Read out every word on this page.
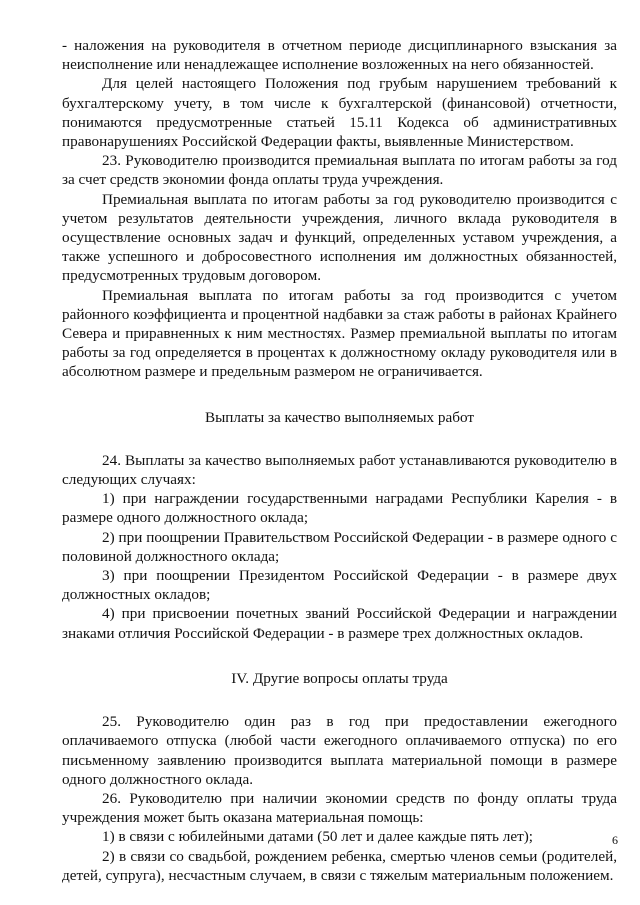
- наложения на руководителя в отчетном периоде дисциплинарного взыскания за неисполнение или ненадлежащее исполнение возложенных на него обязанностей.

Для целей настоящего Положения под грубым нарушением требований к бухгалтерскому учету, в том числе к бухгалтерской (финансовой) отчетности, понимаются предусмотренные статьей 15.11 Кодекса об административных правонарушениях Российской Федерации факты, выявленные Министерством.

23. Руководителю производится премиальная выплата по итогам работы за год за счет средств экономии фонда оплаты труда учреждения.

Премиальная выплата по итогам работы за год руководителю производится с учетом результатов деятельности учреждения, личного вклада руководителя в осуществление основных задач и функций, определенных уставом учреждения, а также успешного и добросовестного исполнения им должностных обязанностей, предусмотренных трудовым договором.

Премиальная выплата по итогам работы за год производится с учетом районного коэффициента и процентной надбавки за стаж работы в районах Крайнего Севера и приравненных к ним местностях. Размер премиальной выплаты по итогам работы за год определяется в процентах к должностному окладу руководителя или в абсолютном размере и предельным размером не ограничивается.

Выплаты за качество выполняемых работ

24. Выплаты за качество выполняемых работ устанавливаются руководителю в следующих случаях:

1) при награждении государственными наградами Республики Карелия - в размере одного должностного оклада;

2) при поощрении Правительством Российской Федерации - в размере одного с половиной должностного оклада;

3) при поощрении Президентом Российской Федерации - в размере двух должностных окладов;

4) при присвоении почетных званий Российской Федерации и награждении знаками отличия Российской Федерации - в размере трех должностных окладов.

IV. Другие вопросы оплаты труда

25. Руководителю один раз в год при предоставлении ежегодного оплачиваемого отпуска (любой части ежегодного оплачиваемого отпуска) по его письменному заявлению производится выплата материальной помощи в размере одного должностного оклада.

26. Руководителю при наличии экономии средств по фонду оплаты труда учреждения может быть оказана материальная помощь:

1) в связи с юбилейными датами (50 лет и далее каждые пять лет);

2) в связи со свадьбой, рождением ребенка, смертью членов семьи (родителей, детей, супруга), несчастным случаем, в связи с тяжелым материальным положением.

6
